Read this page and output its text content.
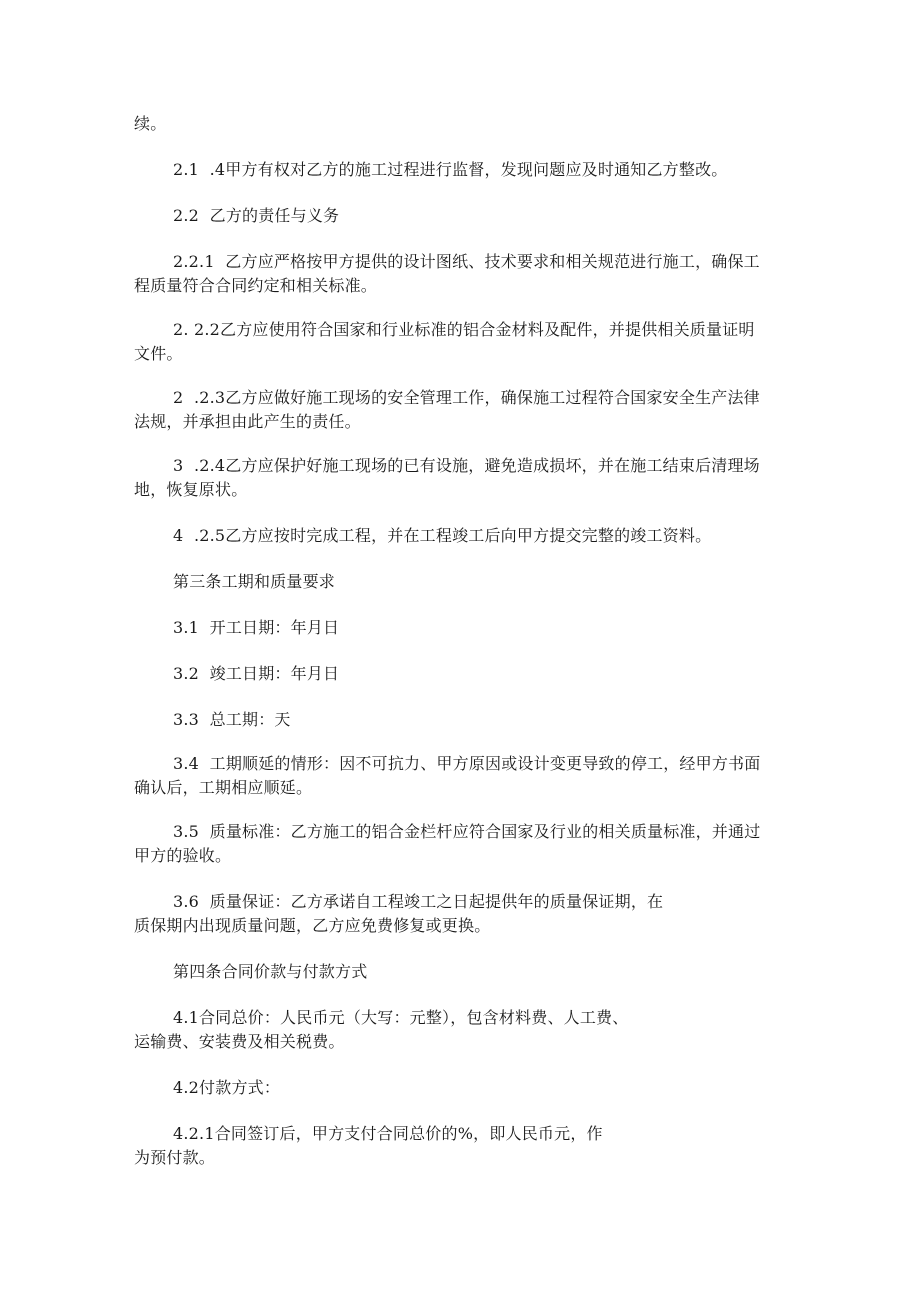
续。

2.1  .4甲方有权对乙方的施工过程进行监督，发现问题应及时通知乙方整改。

2.2  乙方的责任与义务

2.2.1  乙方应严格按甲方提供的设计图纸、技术要求和相关规范进行施工，确保工

程质量符合合同约定和相关标准。

2. 2.2乙方应使用符合国家和行业标准的铝合金材料及配件，并提供相关质量证明

文件。

2  .2.3乙方应做好施工现场的安全管理工作，确保施工过程符合国家安全生产法律

法规，并承担由此产生的责任。

3  .2.4乙方应保护好施工现场的已有设施，避免造成损坏，并在施工结束后清理场

地，恢复原状。

4  .2.5乙方应按时完成工程，并在工程竣工后向甲方提交完整的竣工资料。

第三条工期和质量要求

3.1  开工日期：年月日

3.2  竣工日期：年月日

3.3  总工期：天

3.4  工期顺延的情形：因不可抗力、甲方原因或设计变更导致的停工，经甲方书面

确认后，工期相应顺延。

3.5  质量标准：乙方施工的铝合金栏杆应符合国家及行业的相关质量标准，并通过

甲方的验收。

3.6  质量保证：乙方承诺自工程竣工之日起提供年的质量保证期，在

质保期内出现质量问题，乙方应免费修复或更换。

第四条合同价款与付款方式

4.1合同总价：人民币元（大写：元整），包含材料费、人工费、

运输费、安装费及相关税费。

4.2付款方式：

4.2.1合同签订后，甲方支付合同总价的%，即人民币元，作

为预付款。
